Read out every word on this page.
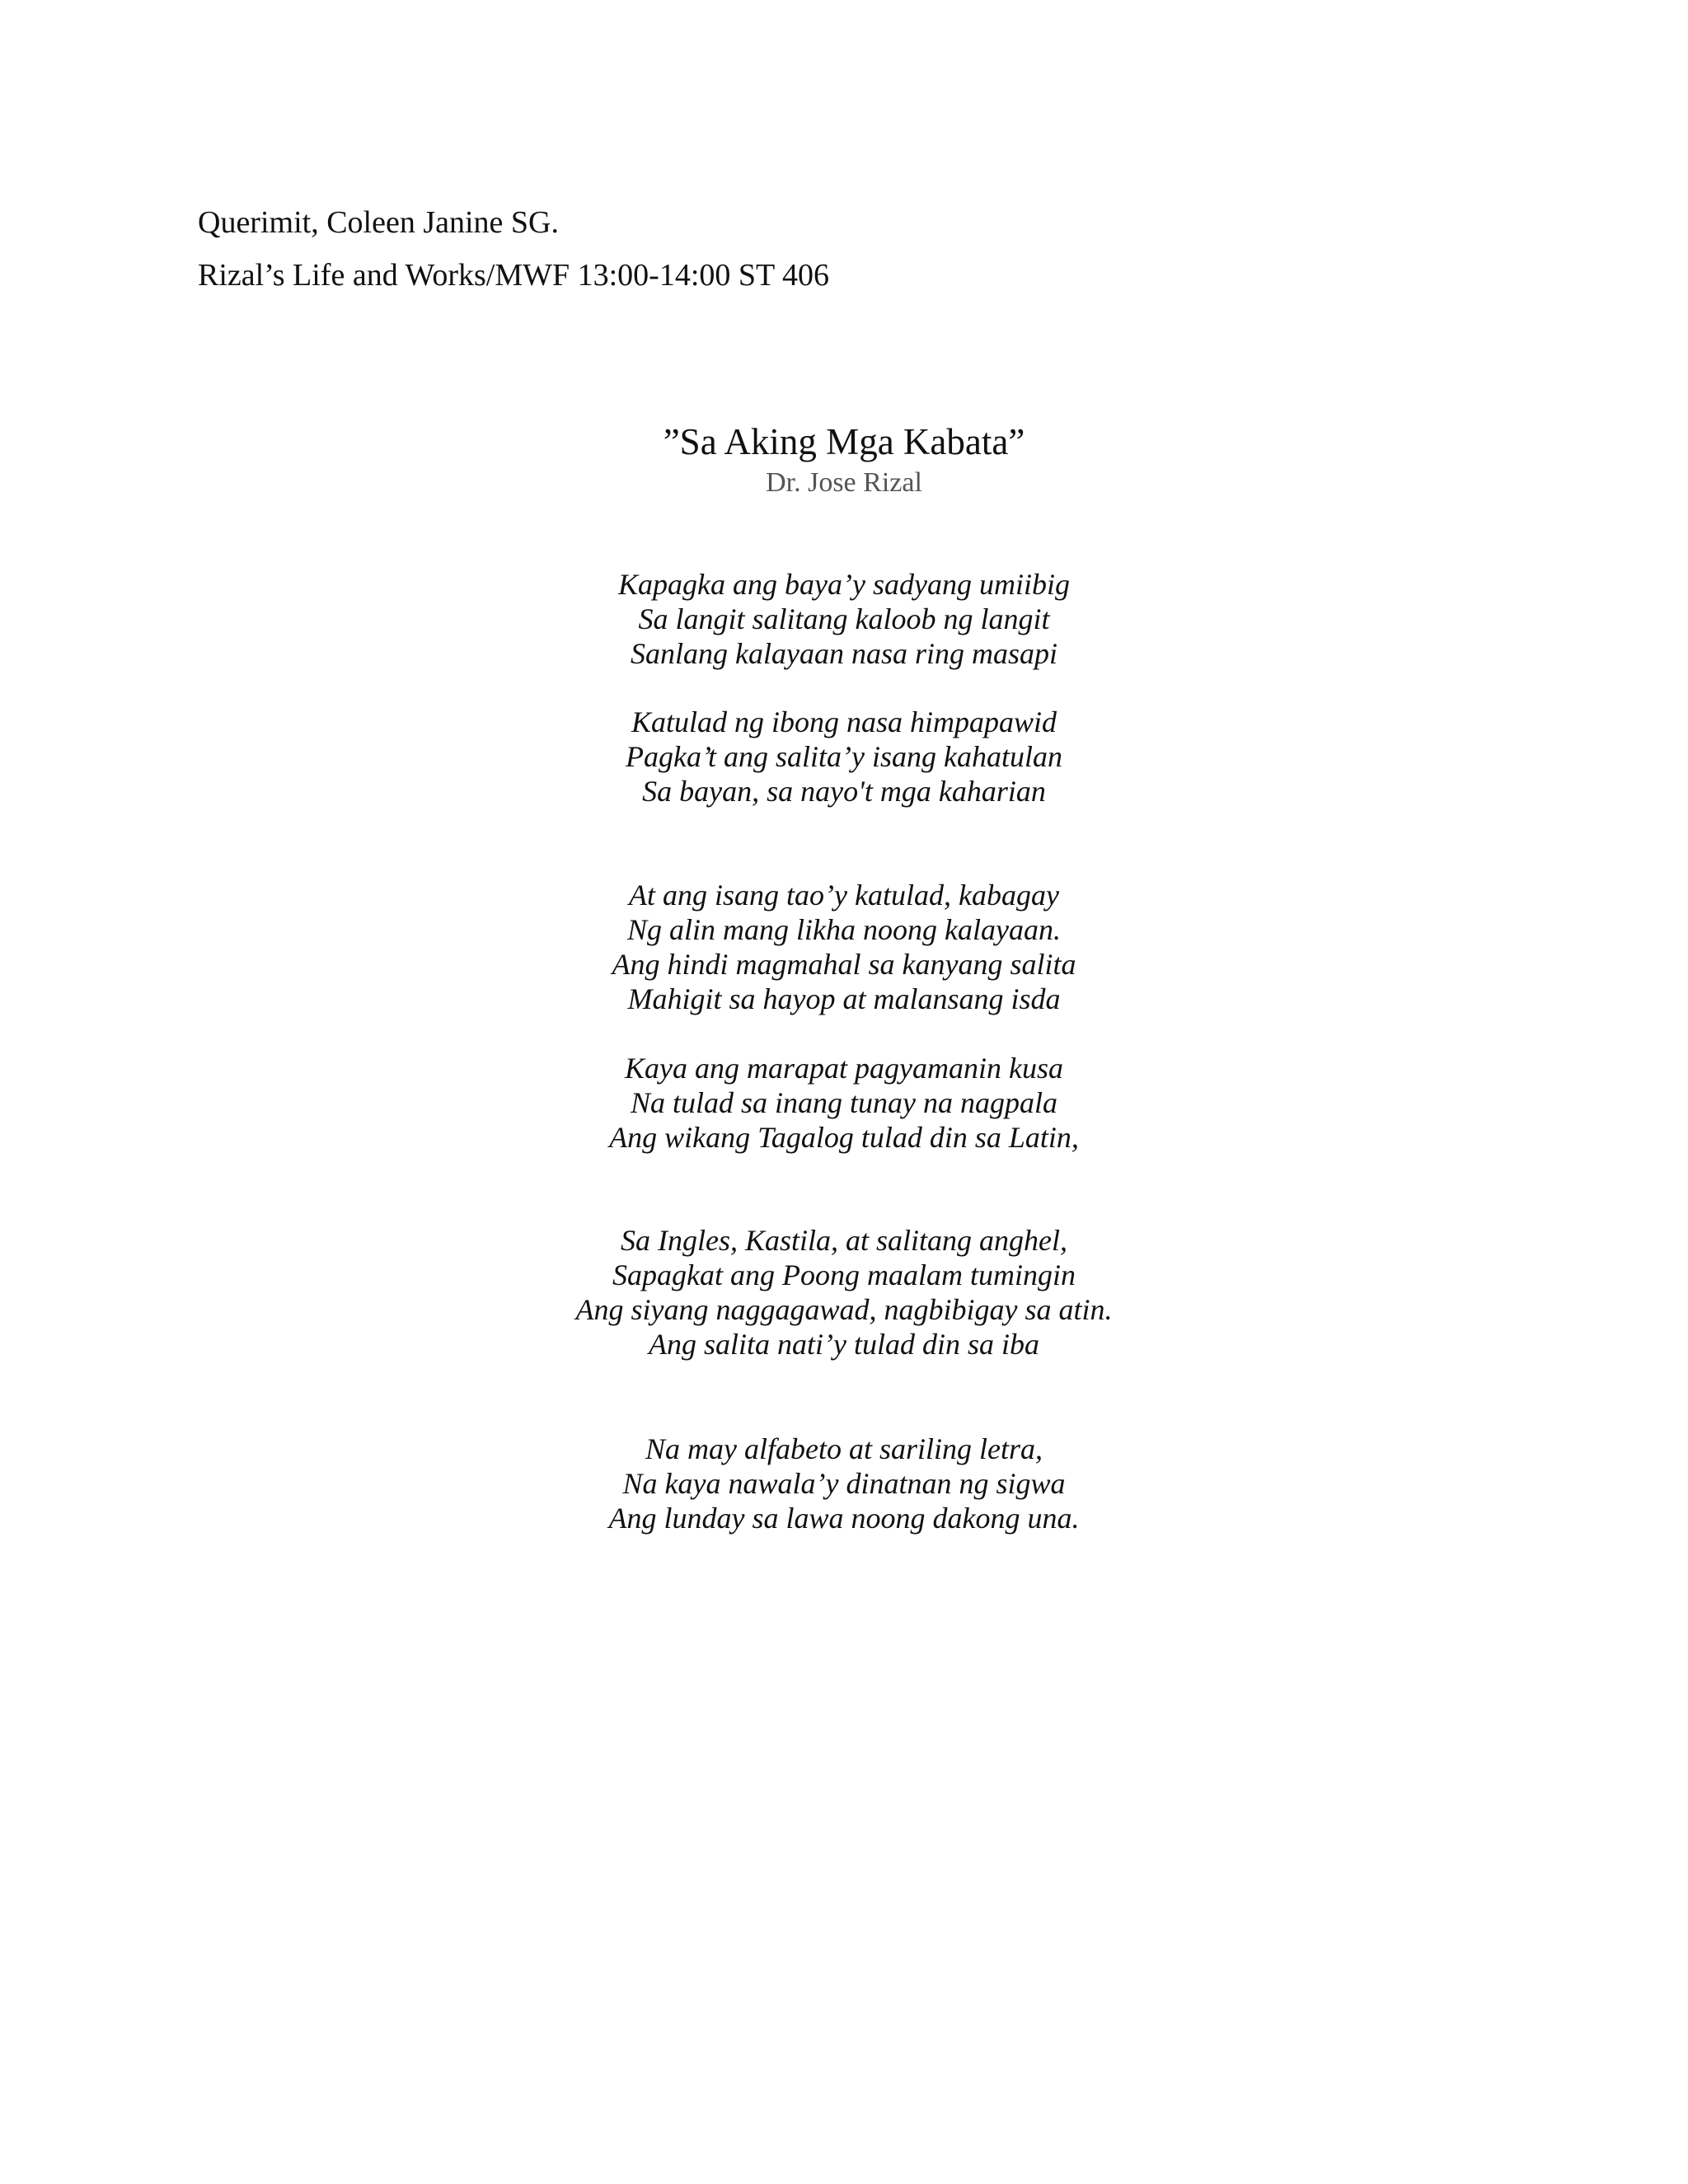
Querimit, Coleen Janine SG.
Rizal’s Life and Works/MWF 13:00-14:00 ST 406
”Sa Aking Mga Kabata”
Dr. Jose Rizal
Kapagka ang baya’y sadyang umiibig
Sa langit salitang kaloob ng langit
Sanlang kalayaan nasa ring masapi
Katulad ng ibong nasa himpapawid
Pagka’t ang salita’y isang kahatulan
Sa bayan, sa nayo't mga kaharian
At ang isang tao’y katulad, kabagay
Ng alin mang likha noong kalayaan.
Ang hindi magmahal sa kanyang salita
Mahigit sa hayop at malansang isda
Kaya ang marapat pagyamanin kusa
Na tulad sa inang tunay na nagpala
Ang wikang Tagalog tulad din sa Latin,
Sa Ingles, Kastila, at salitang anghel,
Sapagkat ang Poong maalam tumingin
Ang siyang naggagawad, nagbibigay sa atin.
Ang salita nati’y tulad din sa iba
Na may alfabeto at sariling letra,
Na kaya nawala’y dinatnan ng sigwa
Ang lunday sa lawa noong dakong una.
